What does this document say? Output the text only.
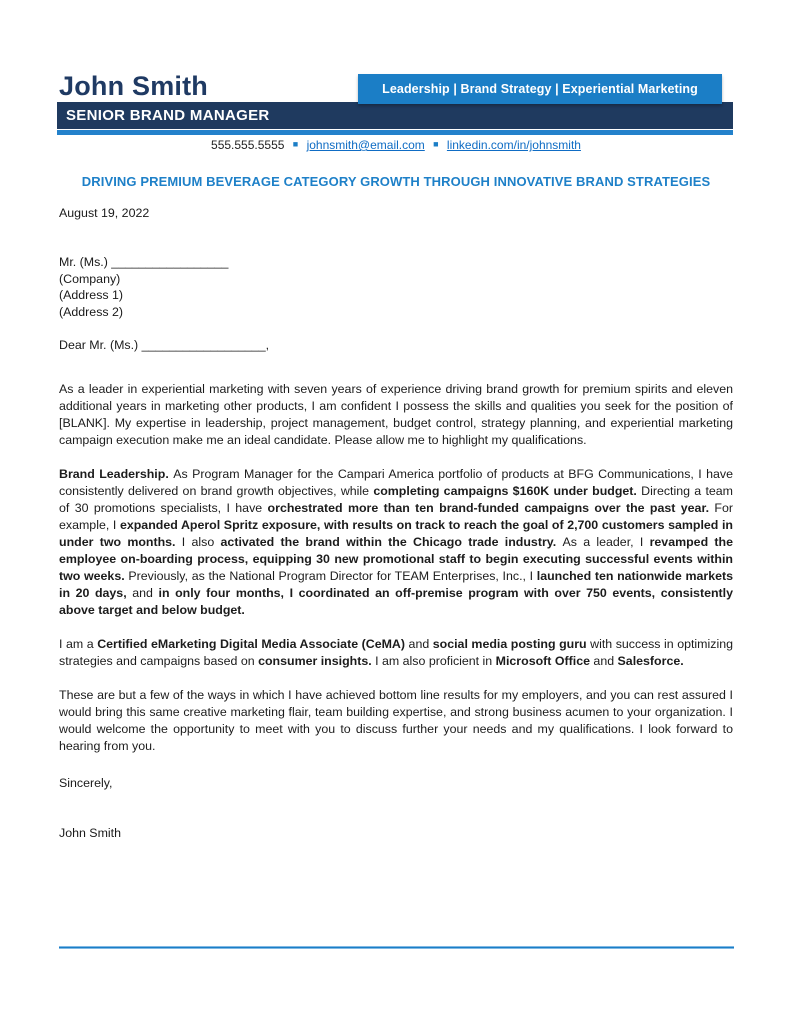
John Smith	Leadership | Brand Strategy | Experiential Marketing
SENIOR BRAND MANAGER
555.555.5555 ■ johnsmith@email.com ■ linkedin.com/in/johnsmith
DRIVING PREMIUM BEVERAGE CATEGORY GROWTH THROUGH INNOVATIVE BRAND STRATEGIES
August 19, 2022
Mr. (Ms.) _________________
(Company)
(Address 1)
(Address 2)
Dear Mr. (Ms.) __________________,

As a leader in experiential marketing with seven years of experience driving brand growth for premium spirits and eleven additional years in marketing other products, I am confident I possess the skills and qualities you seek for the position of [BLANK]. My expertise in leadership, project management, budget control, strategy planning, and experiential marketing campaign execution make me an ideal candidate. Please allow me to highlight my qualifications.

Brand Leadership. As Program Manager for the Campari America portfolio of products at BFG Communications, I have consistently delivered on brand growth objectives, while completing campaigns $160K under budget. Directing a team of 30 promotions specialists, I have orchestrated more than ten brand-funded campaigns over the past year. For example, I expanded Aperol Spritz exposure, with results on track to reach the goal of 2,700 customers sampled in under two months. I also activated the brand within the Chicago trade industry. As a leader, I revamped the employee on-boarding process, equipping 30 new promotional staff to begin executing successful events within two weeks. Previously, as the National Program Director for TEAM Enterprises, Inc., I launched ten nationwide markets in 20 days, and in only four months, I coordinated an off-premise program with over 750 events, consistently above target and below budget.

I am a Certified eMarketing Digital Media Associate (CeMA) and social media posting guru with success in optimizing strategies and campaigns based on consumer insights. I am also proficient in Microsoft Office and Salesforce.

These are but a few of the ways in which I have achieved bottom line results for my employers, and you can rest assured I would bring this same creative marketing flair, team building expertise, and strong business acumen to your organization. I would welcome the opportunity to meet with you to discuss further your needs and my qualifications. I look forward to hearing from you.

Sincerely,
John Smith
